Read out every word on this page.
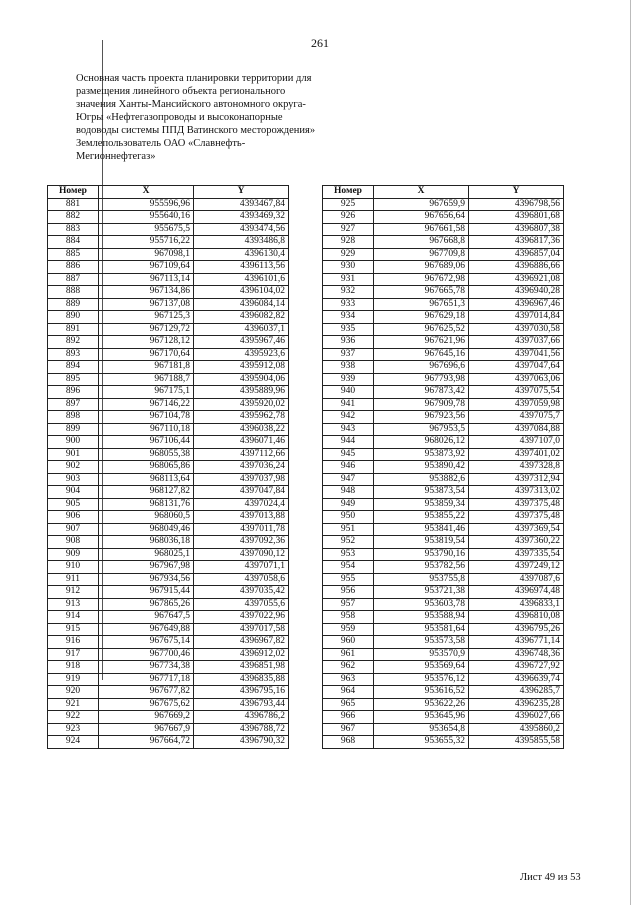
261
Основная часть проекта планировки территории для
размещения линейного объекта регионального
значения Ханты-Мансийского автономного округа-
Югры «Нефтегазопроводы и высоконапорные
водоводы системы ППД Ватинского месторождения»
Землепользователь ОАО «Славнефть-
Мегионнефтегаз»
Номер	X	Y
881	955596,96	4393467,84
882	955640,16	4393469,32
883	955675,5	4393474,56
884	955716,22	4393486,8
885	967098,1	4396130,4
886	967109,64	4396113,56
887	967113,14	4396101,6
888	967134,86	4396104,02
889	967137,08	4396084,14
890	967125,3	4396082,82
891	967129,72	4396037,1
892	967128,12	4395967,46
893	967170,64	4395923,6
894	967181,8	4395912,08
895	967188,7	4395904,06
896	967175,1	4395889,96
897	967146,22	4395920,02
898	967104,78	4395962,78
899	967110,18	4396038,22
900	967106,44	4396071,46
901	968055,38	4397112,66
902	968065,86	4397036,24
903	968113,64	4397037,98
904	968127,82	4397047,84
905	968131,76	4397024,4
906	968060,5	4397013,88
907	968049,46	4397011,78
908	968036,18	4397092,36
909	968025,1	4397090,12
910	967967,98	4397071,1
911	967934,56	4397058,6
912	967915,44	4397035,42
913	967865,26	4397055,6
914	967647,5	4397022,96
915	967649,88	4397017,58
916	967675,14	4396967,82
917	967700,46	4396912,02
918	967734,38	4396851,98
919	967717,18	4396835,88
920	967677,82	4396795,16
921	967675,62	4396793,44
922	967669,2	4396786,2
923	967667,9	4396788,72
924	967664,72	4396790,32
Номер	X	Y
925	967659,9	4396798,56
926	967656,64	4396801,68
927	967661,58	4396807,38
928	967668,8	4396817,36
929	967709,8	4396857,04
930	967689,06	4396886,66
931	967672,98	4396921,08
932	967665,78	4396940,28
933	967651,3	4396967,46
934	967629,18	4397014,84
935	967625,52	4397030,58
936	967621,96	4397037,66
937	967645,16	4397041,56
938	967696,6	4397047,64
939	967793,98	4397063,06
940	967873,42	4397075,54
941	967909,78	4397059,98
942	967923,56	4397075,7
943	967953,5	4397084,88
944	968026,12	4397107,0
945	953873,92	4397401,02
946	953890,42	4397328,8
947	953882,6	4397312,94
948	953873,54	4397313,02
949	953859,34	4397375,48
950	953855,22	4397375,48
951	953841,46	4397369,54
952	953819,54	4397360,22
953	953790,16	4397335,54
954	953782,56	4397249,12
955	953755,8	4397087,6
956	953721,38	4396974,48
957	953603,78	4396833,1
958	953588,94	4396810,08
959	953581,64	4396795,26
960	953573,58	4396771,14
961	953570,9	4396748,36
962	953569,64	4396727,92
963	953576,12	4396639,74
964	953616,52	4396285,7
965	953622,26	4396235,28
966	953645,96	4396027,66
967	953654,8	4395860,2
968	953655,32	4395855,58
Лист 49 из 53
